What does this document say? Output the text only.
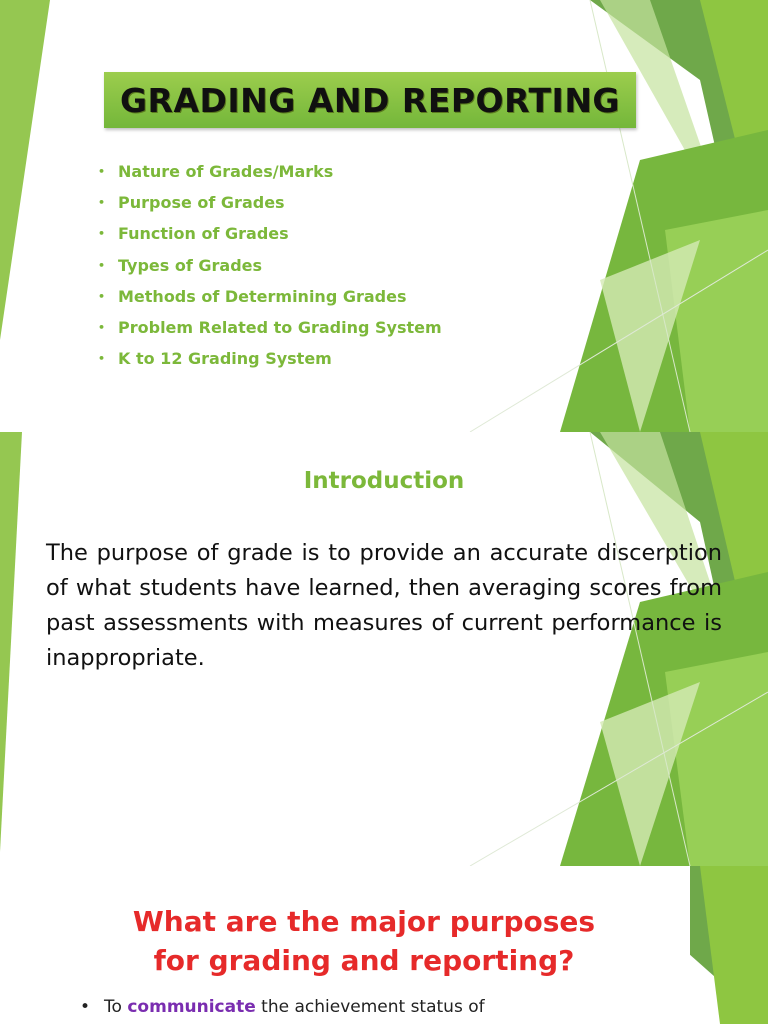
GRADING AND REPORTING
• Nature of Grades/Marks
• Purpose of Grades
• Function of Grades
• Types of Grades
• Methods of Determining Grades
• Problem Related to Grading System
• K to 12 Grading System
Introduction

The purpose of grade is to provide an accurate discerption of what students have learned, then averaging scores from past assessments with measures of current performance is inappropriate.

What are the major purposes
for grading and reporting?
• To communicate the achievement status of
